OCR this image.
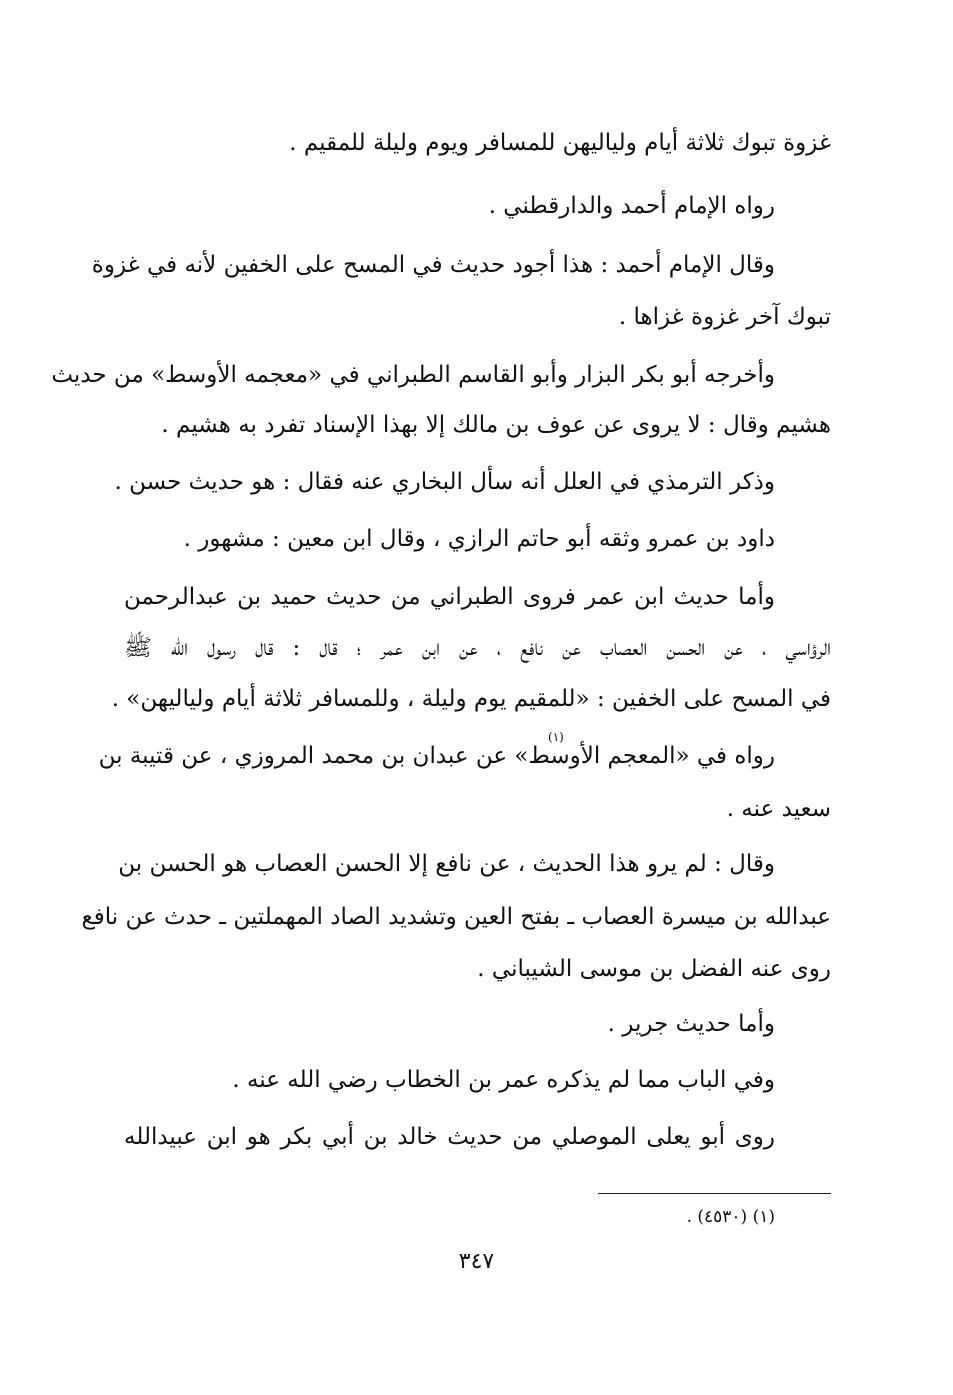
غزوة تبوك ثلاثة أيام ولياليهن للمسافر ويوم وليلة للمقيم .
رواه الإمام أحمد والدارقطني .
وقال الإمام أحمد : هذا أجود حديث في المسح على الخفين لأنه في غزوة
تبوك آخر غزوة غزاها .
وأخرجه أبو بكر البزار وأبو القاسم الطبراني في «معجمه الأوسط» من حديث
هشيم وقال : لا يروى عن عوف بن مالك إلا بهذا الإسناد تفرد به هشيم .
وذكر الترمذي في العلل أنه سأل البخاري عنه فقال : هو حديث حسن .
داود بن عمرو وثقه أبو حاتم الرازي ، وقال ابن معين : مشهور .
وأما حديث ابن عمر فروى الطبراني من حديث حميد بن عبدالرحمن
الرؤاسي ، عن الحسن العصاب عن نافع ، عن ابن عمر ؛ قال : قال رسول الله ﷺ
في المسح على الخفين : «للمقيم يوم وليلة ، وللمسافر ثلاثة أيام ولياليهن» .
رواه في «المعجم الأوسط» عن عبدان بن محمد المروزي ، عن قتيبة بن
(١)
سعيد عنه .
وقال : لم يرو هذا الحديث ، عن نافع إلا الحسن العصاب هو الحسن بن
عبدالله بن ميسرة العصاب ـ بفتح العين وتشديد الصاد المهملتين ـ حدث عن نافع
روى عنه الفضل بن موسى الشيباني .
وأما حديث جرير .
وفي الباب مما لم يذكره عمر بن الخطاب رضي الله عنه .
روى أبو يعلى الموصلي من حديث خالد بن أبي بكر هو ابن عبيدالله
(١) (٤٥٣٠) .
٣٤٧
